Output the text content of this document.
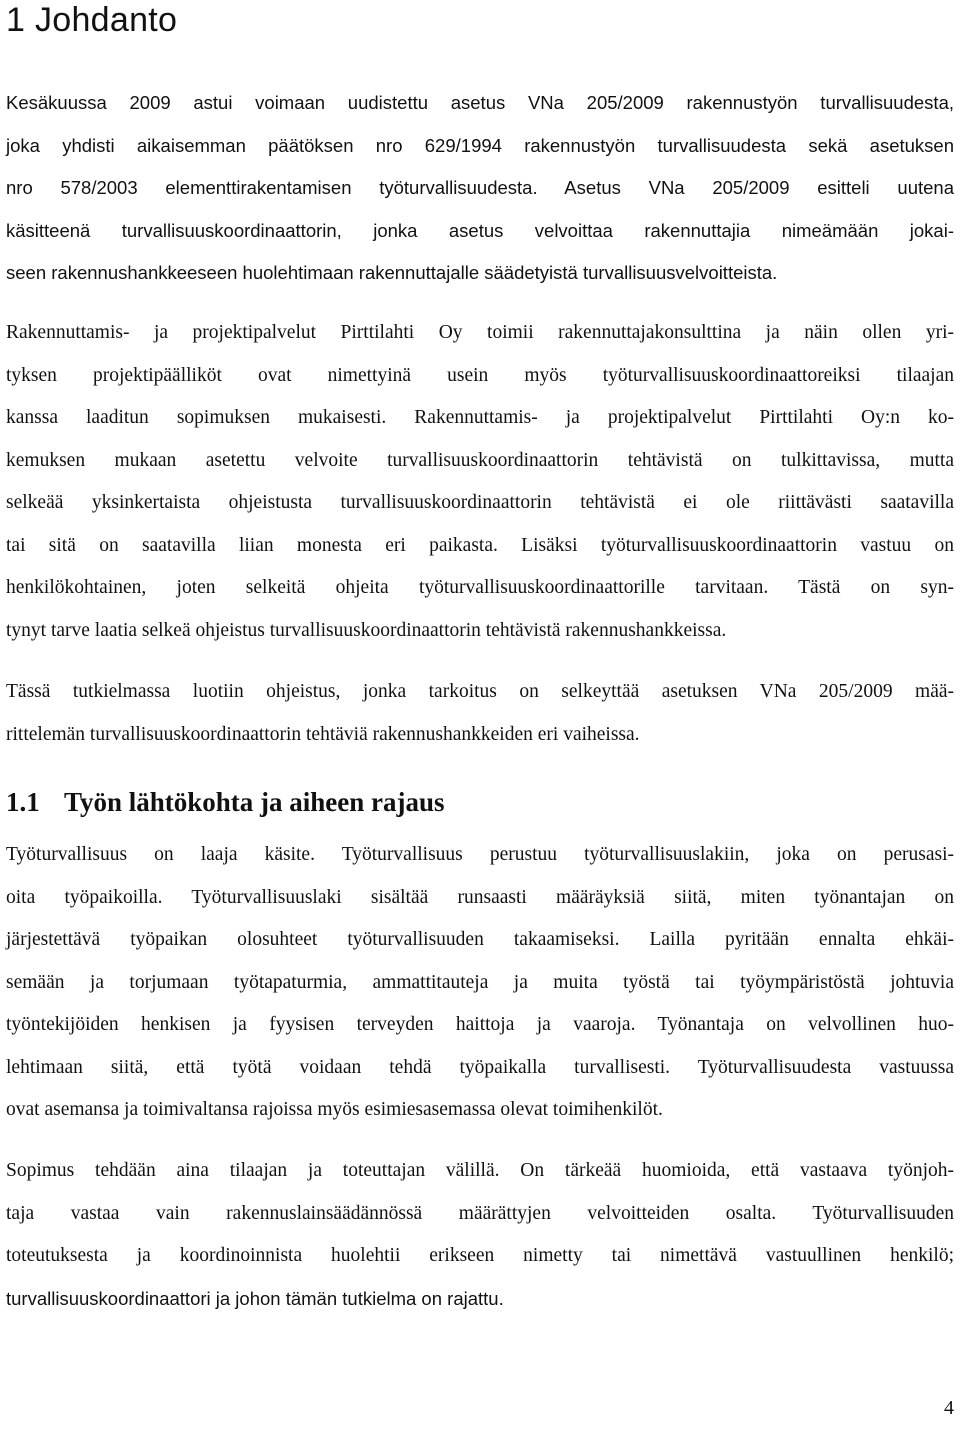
1 Johdanto

Kesäkuussa 2009 astui voimaan uudistettu asetus VNa 205/2009 rakennustyön turvallisuudesta,
joka yhdisti aikaisemman päätöksen nro 629/1994 rakennustyön turvallisuudesta sekä asetuksen
nro 578/2003 elementtirakentamisen työturvallisuudesta. Asetus VNa 205/2009 esitteli uutena
käsitteenä turvallisuuskoordinaattorin, jonka asetus velvoittaa rakennuttajia nimeämään jokai-
seen rakennushankkeeseen huolehtimaan rakennuttajalle säädetyistä turvallisuusvelvoitteista.

Rakennuttamis- ja projektipalvelut Pirttilahti Oy toimii rakennuttajakonsulttina ja näin ollen yri-
tyksen projektipäälliköt ovat nimettyinä usein myös työturvallisuuskoordinaattoreiksi tilaajan
kanssa laaditun sopimuksen mukaisesti. Rakennuttamis- ja projektipalvelut Pirttilahti Oy:n ko-
kemuksen mukaan asetettu velvoite turvallisuuskoordinaattorin tehtävistä on tulkittavissa, mutta
selkeää yksinkertaista ohjeistusta turvallisuuskoordinaattorin tehtävistä ei ole riittävästi saatavilla
tai sitä on saatavilla liian monesta eri paikasta. Lisäksi työturvallisuuskoordinaattorin vastuu on
henkilökohtainen, joten selkeitä ohjeita työturvallisuuskoordinaattorille tarvitaan. Tästä on syn-
tynyt tarve laatia selkeä ohjeistus turvallisuuskoordinaattorin tehtävistä rakennushankkeissa.

Tässä tutkielmassa luotiin ohjeistus, jonka tarkoitus on selkeyttää asetuksen VNa 205/2009 mää-
rittelemän turvallisuuskoordinaattorin tehtäviä rakennushankkeiden eri vaiheissa.

1.1 Työn lähtökohta ja aiheen rajaus

Työturvallisuus on laaja käsite. Työturvallisuus perustuu työturvallisuuslakiin, joka on perusasi-
oita työpaikoilla. Työturvallisuuslaki sisältää runsaasti määräyksiä siitä, miten työnantajan on
järjestettävä työpaikan olosuhteet työturvallisuuden takaamiseksi. Lailla pyritään ennalta ehkäi-
semään ja torjumaan työtapaturmia, ammattitauteja ja muita työstä tai työympäristöstä johtuvia
työntekijöiden henkisen ja fyysisen terveyden haittoja ja vaaroja. Työnantaja on velvollinen huo-
lehtimaan siitä, että työtä voidaan tehdä työpaikalla turvallisesti. Työturvallisuudesta vastuussa
ovat asemansa ja toimivaltansa rajoissa myös esimiesasemassa olevat toimihenkilöt.

Sopimus tehdään aina tilaajan ja toteuttajan välillä. On tärkeää huomioida, että vastaava työnjoh-
taja vastaa vain rakennuslainsäädännössä määrättyjen velvoitteiden osalta. Työturvallisuuden
toteutuksesta ja koordinoinnista huolehtii erikseen nimetty tai nimettävä vastuullinen henkilö;
turvallisuuskoordinaattori ja johon tämän tutkielma on rajattu.

4
